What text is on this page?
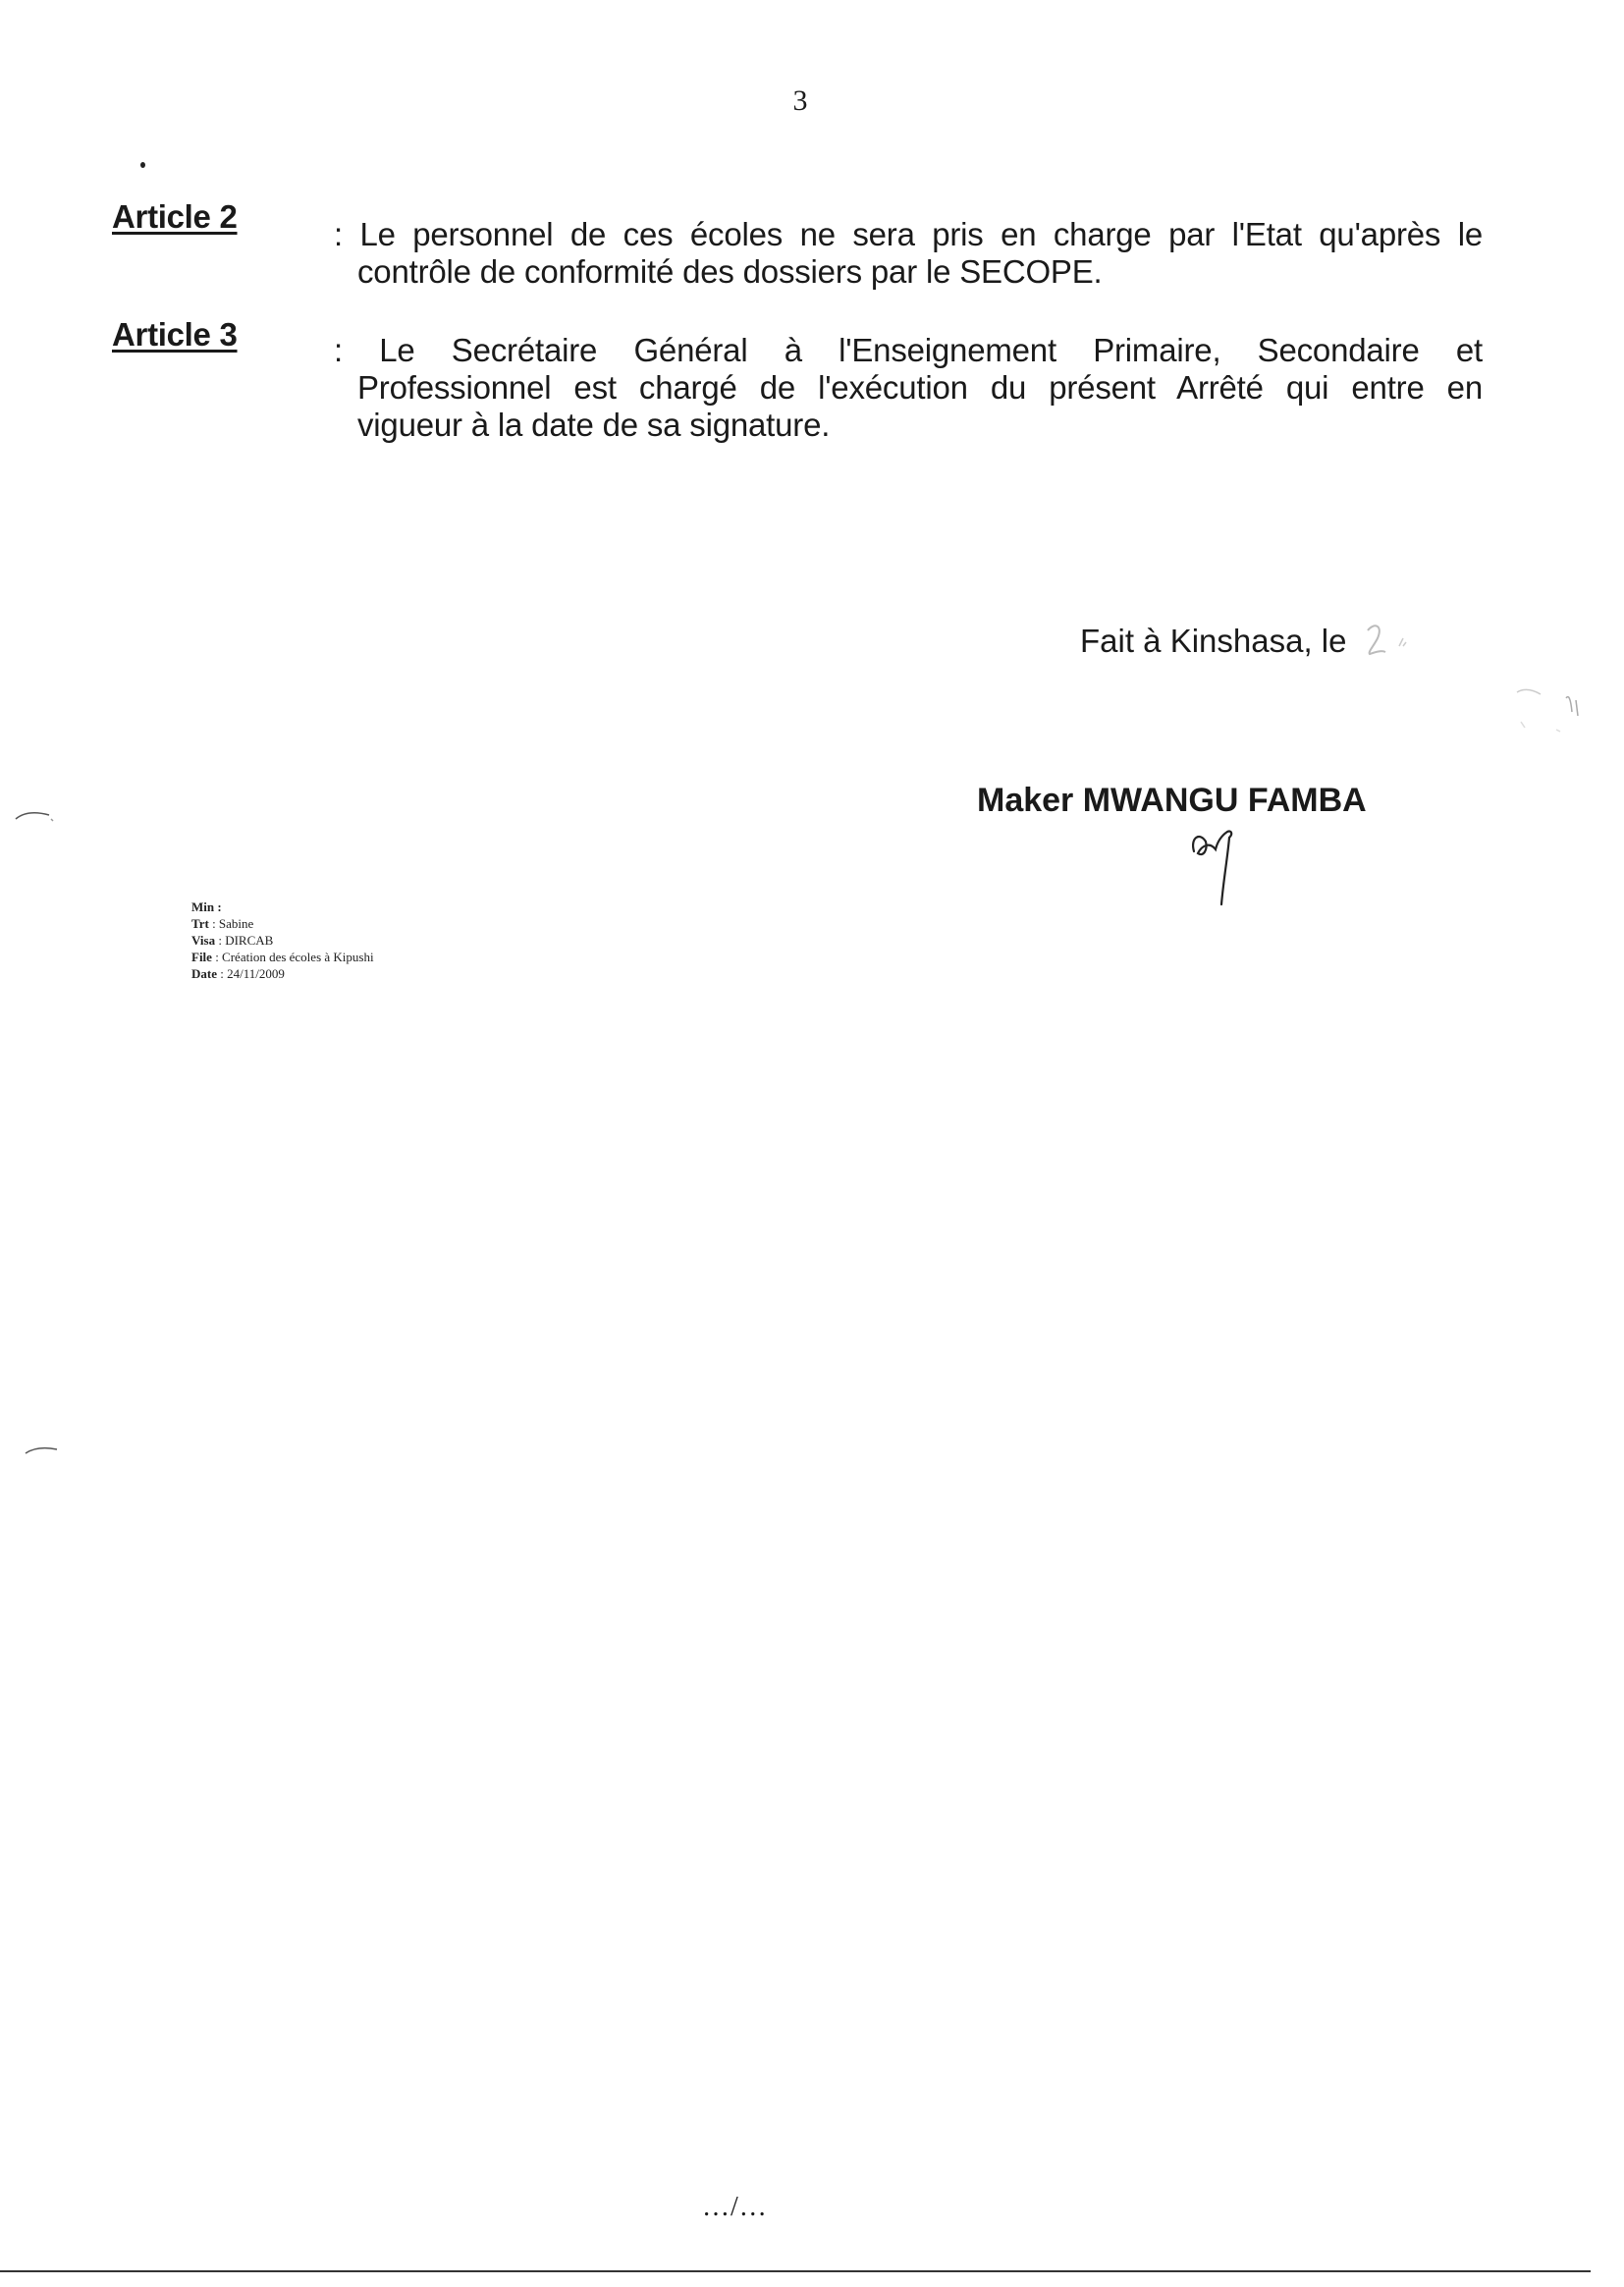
3
Article 2	: Le personnel de ces écoles ne sera pris en charge par l'Etat qu'après le
contrôle de conformité des dossiers par le SECOPE.
Article 3	: Le Secrétaire Général à l'Enseignement Primaire, Secondaire et
Professionnel est chargé de l'exécution du présent Arrêté qui entre en
vigueur à la date de sa signature.
Fait à Kinshasa, le
Maker MWANGU FAMBA
Min :
Trt : Sabine
Visa : DIRCAB
File : Création des écoles à Kipushi
Date : 24/11/2009
…/…
